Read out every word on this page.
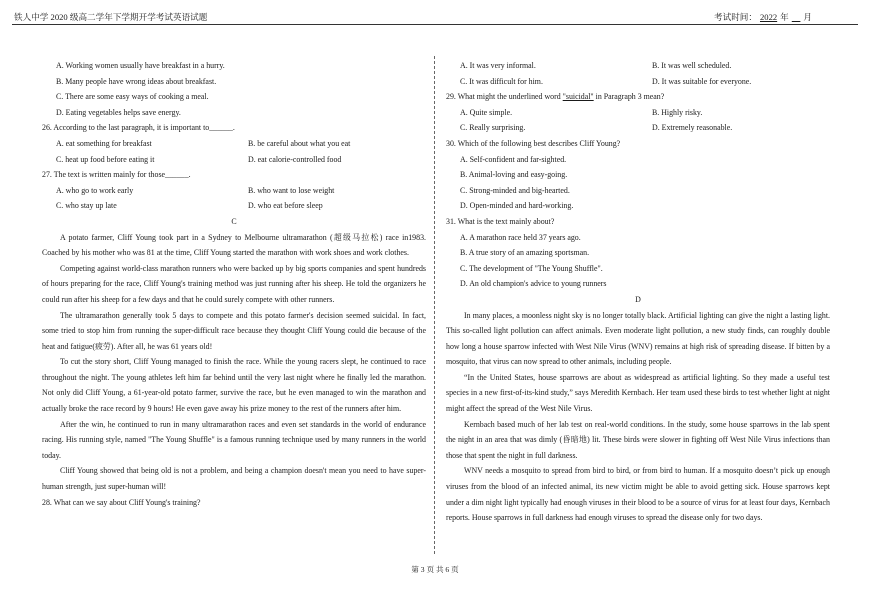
铁人中学 2020 级高二学年下学期开学考试英语试题	考试时间： 2022 年　 月
A. Working women usually have breakfast in a hurry.
B. Many people have wrong ideas about breakfast.
C. There are some easy ways of cooking a meal.
D. Eating vegetables helps save energy.
26. According to the last paragraph, it is important to______.
A. eat something for breakfast	B. be careful about what you eat
C. heat up food before eating it	D. eat calorie-controlled food
27. The text is written mainly for those______.
A. who go to work early	B. who want to lose weight
C. who stay up late	D. who eat before sleep
C
A potato farmer, Cliff Young took part in a Sydney to Melbourne ultramarathon (超级马拉松) race in1983. Coached by his mother who was 81 at the time, Cliff Young started the marathon with work shoes and work clothes.
Competing against world-class marathon runners who were backed up by big sports companies and spent hundreds of hours preparing for the race, Cliff Young's training method was just running after his sheep. He told the organizers he could run after his sheep for a few days and that he could surely compete with other runners.
The ultramarathon generally took 5 days to compete and this potato farmer's decision seemed suicidal. In fact, some tried to stop him from running the super-difficult race because they thought Cliff Young could die because of the heat and fatigue(疲劳). After all, he was 61 years old!
To cut the story short, Cliff Young managed to finish the race. While the young racers slept, he continued to race throughout the night. The young athletes left him far behind until the very last night where he finally led the marathon. Not only did Cliff Young, a 61-year-old potato farmer, survive the race, but he even managed to win the marathon and actually broke the race record by 9 hours! He even gave away his prize money to the rest of the runners after him.
After the win, he continued to run in many ultramarathon races and even set standards in the world of endurance racing. His running style, named "The Young Shuffle" is a famous running technique used by many runners in the world today.
Cliff Young showed that being old is not a problem, and being a champion doesn't mean you need to have super-human strength, just super-human will!
28. What can we say about Cliff Young's training?
A. It was very informal.	B. It was well scheduled.
C. It was difficult for him.	D. It was suitable for everyone.
29. What might the underlined word "suicidal" in Paragraph 3 mean?
A. Quite simple.	B. Highly risky.
C. Really surprising.	D. Extremely reasonable.
30. Which of the following best describes Cliff Young?
A. Self-confident and far-sighted.
B. Animal-loving and easy-going.
C. Strong-minded and big-hearted.
D. Open-minded and hard-working.
31. What is the text mainly about?
A. A marathon race held 37 years ago.
B. A true story of an amazing sportsman.
C. The development of "The Young Shuffle".
D. An old champion's advice to young runners
D
In many places, a moonless night sky is no longer totally black. Artificial lighting can give the night a lasting light. This so-called light pollution can affect animals. Even moderate light pollution, a new study finds, can roughly double how long a house sparrow infected with West Nile Virus (WNV) remains at high risk of spreading disease. If bitten by a mosquito, that virus can now spread to other animals, including people.
“In the United States, house sparrows are about as widespread as artificial lighting. So they made a useful test species in a new first-of-its-kind study,” says Meredith Kernbach. Her team used these birds to test whether light at night might affect the spread of the West Nile Virus.
Kernbach based much of her lab test on real-world conditions. In the study, some house sparrows in the lab spent the night in an area that was dimly (昏暗地) lit. These birds were slower in fighting off West Nile Virus infections than those that spent the night in full darkness.
WNV needs a mosquito to spread from bird to bird, or from bird to human. If a mosquito doesn’t pick up enough viruses from the blood of an infected animal, its new victim might be able to avoid getting sick. House sparrows kept under a dim night light typically had enough viruses in their blood to be a source of virus for at least four days, Kernbach reports. House sparrows in full darkness had enough viruses to spread the disease only for two days.
第 3 页 共 6 页
